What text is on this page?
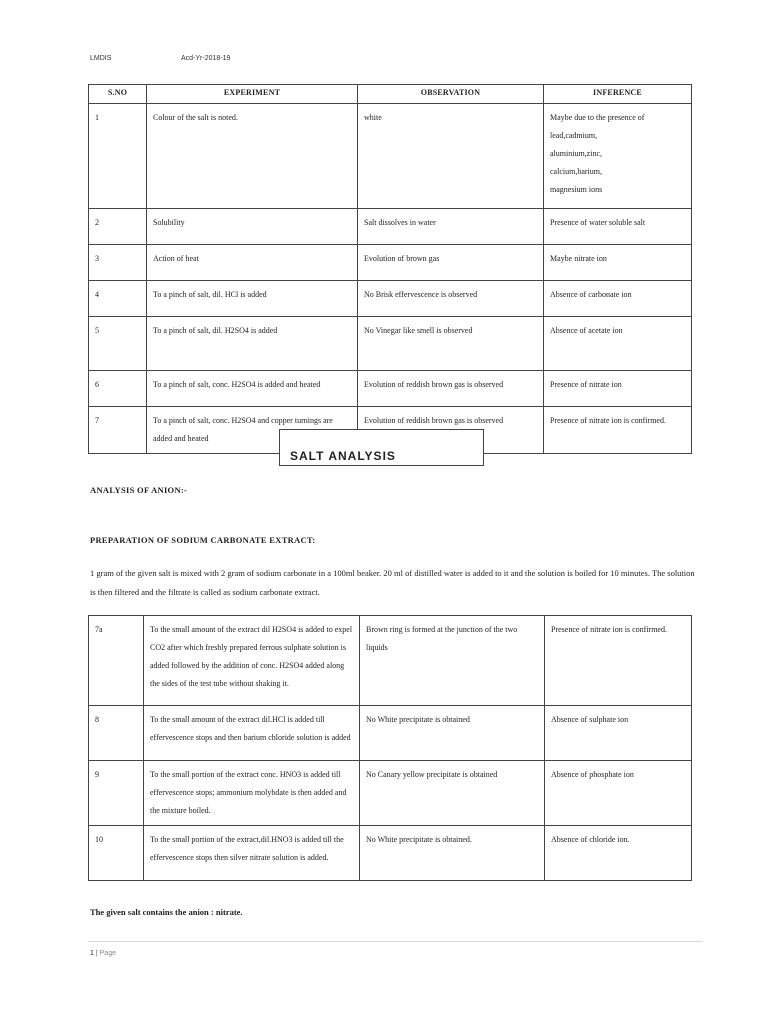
LMDIS	Acd-Yr-2018-19
S.NO	EXPERIMENT	OBSERVATION	INFERENCE
1	Colour of the salt is noted.	white	Maybe due to the presence of
lead,cadmium,
aluminium,zinc,
calcium,barium,
magnesium ions

2	Solubility	Salt dissolves in water	Presence of water soluble salt
3	Action of heat	Evolution of brown gas	Maybe nitrate ion
4	To a pinch of salt, dil. HCl is added	No Brisk effervescence is observed	Absence of carbonate ion
5	To a pinch of salt, dil. H2SO4 is added	No Vinegar like smell is observed	Absence of acetate ion
6	To a pinch of salt, conc. H2SO4 is added and heated	Evolution of reddish brown gas is observed	Presence of nitrate ion
7	To a pinch of salt, conc. H2SO4 and copper turnings are added and heated	Evolution of reddish brown gas is observed	Presence of nitrate ion is confirmed.
SALT ANALYSIS
ANALYSIS OF ANION:-
PREPARATION OF SODIUM CARBONATE EXTRACT:
1 gram of the given salt is mixed with 2 gram of sodium carbonate in a 100ml beaker. 20 ml of distilled water is added to it and the solution is boiled for 10 minutes. The solution is then filtered and the filtrate is called as sodium carbonate extract.
7a	To the small amount of the extract dil H2SO4 is added to expel CO2 after which freshly prepared ferrous sulphate solution is added followed by the addition of conc. H2SO4 added along the sides of the test tube without shaking it.	Brown ring is formed at the junction of the two liquids	Presence of nitrate ion is confirmed.
8	To the small amount of the extract dil.HCl is added till effervescence stops and then barium chloride solution is added	No White precipitate is obtained	Absence of sulphate ion
9	To the small portion of the extract conc. HNO3 is added till effervescence stops; ammonium molybdate is then added and the mixture boiled.	No Canary yellow precipitate is obtained	Absence of phosphate ion
10	To the small portion of the extract,dil.HNO3 is added till the effervescence stops then silver nitrate solution is added.	No White precipitate is obtained.	Absence of chloride ion.
The given salt contains the anion : nitrate.
1 | Page
